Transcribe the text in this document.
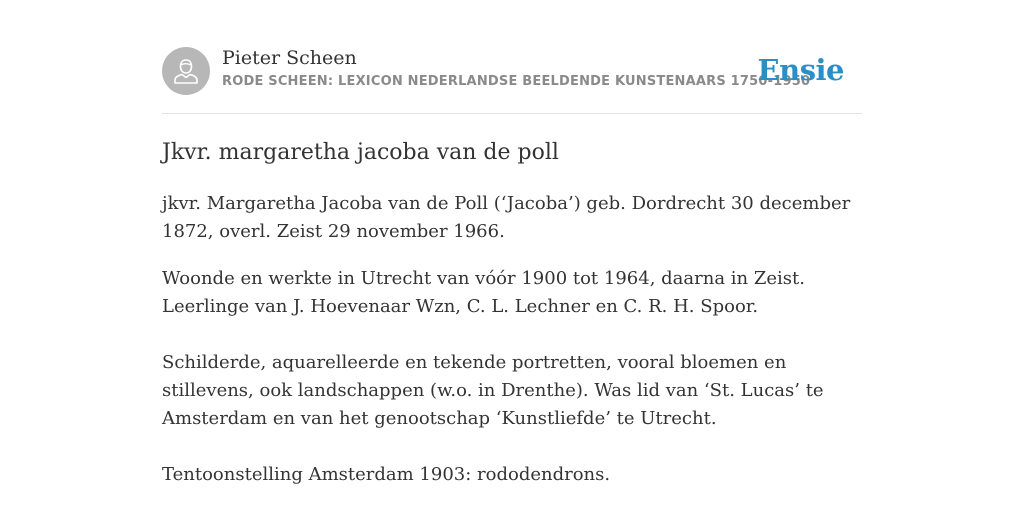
Pieter Scheen
RODE SCHEEN: LEXICON NEDERLANDSE BEELDENDE KUNSTENAARS 1750-1950
Ensie
Jkvr. margaretha jacoba van de poll

jkvr. Margaretha Jacoba van de Poll (‘Jacoba’) geb. Dordrecht 30 december 1872, overl. Zeist 29 november 1966.

Woonde en werkte in Utrecht van vóór 1900 tot 1964, daarna in Zeist. Leerlinge van J. Hoevenaar Wzn, C. L. Lechner en C. R. H. Spoor.

Schilderde, aquarelleerde en tekende portretten, vooral bloemen en stillevens, ook landschappen (w.o. in Drenthe). Was lid van ‘St. Lucas’ te Amsterdam en van het genootschap ‘Kunstliefde’ te Utrecht.

Tentoonstelling Amsterdam 1903: rododendrons.
